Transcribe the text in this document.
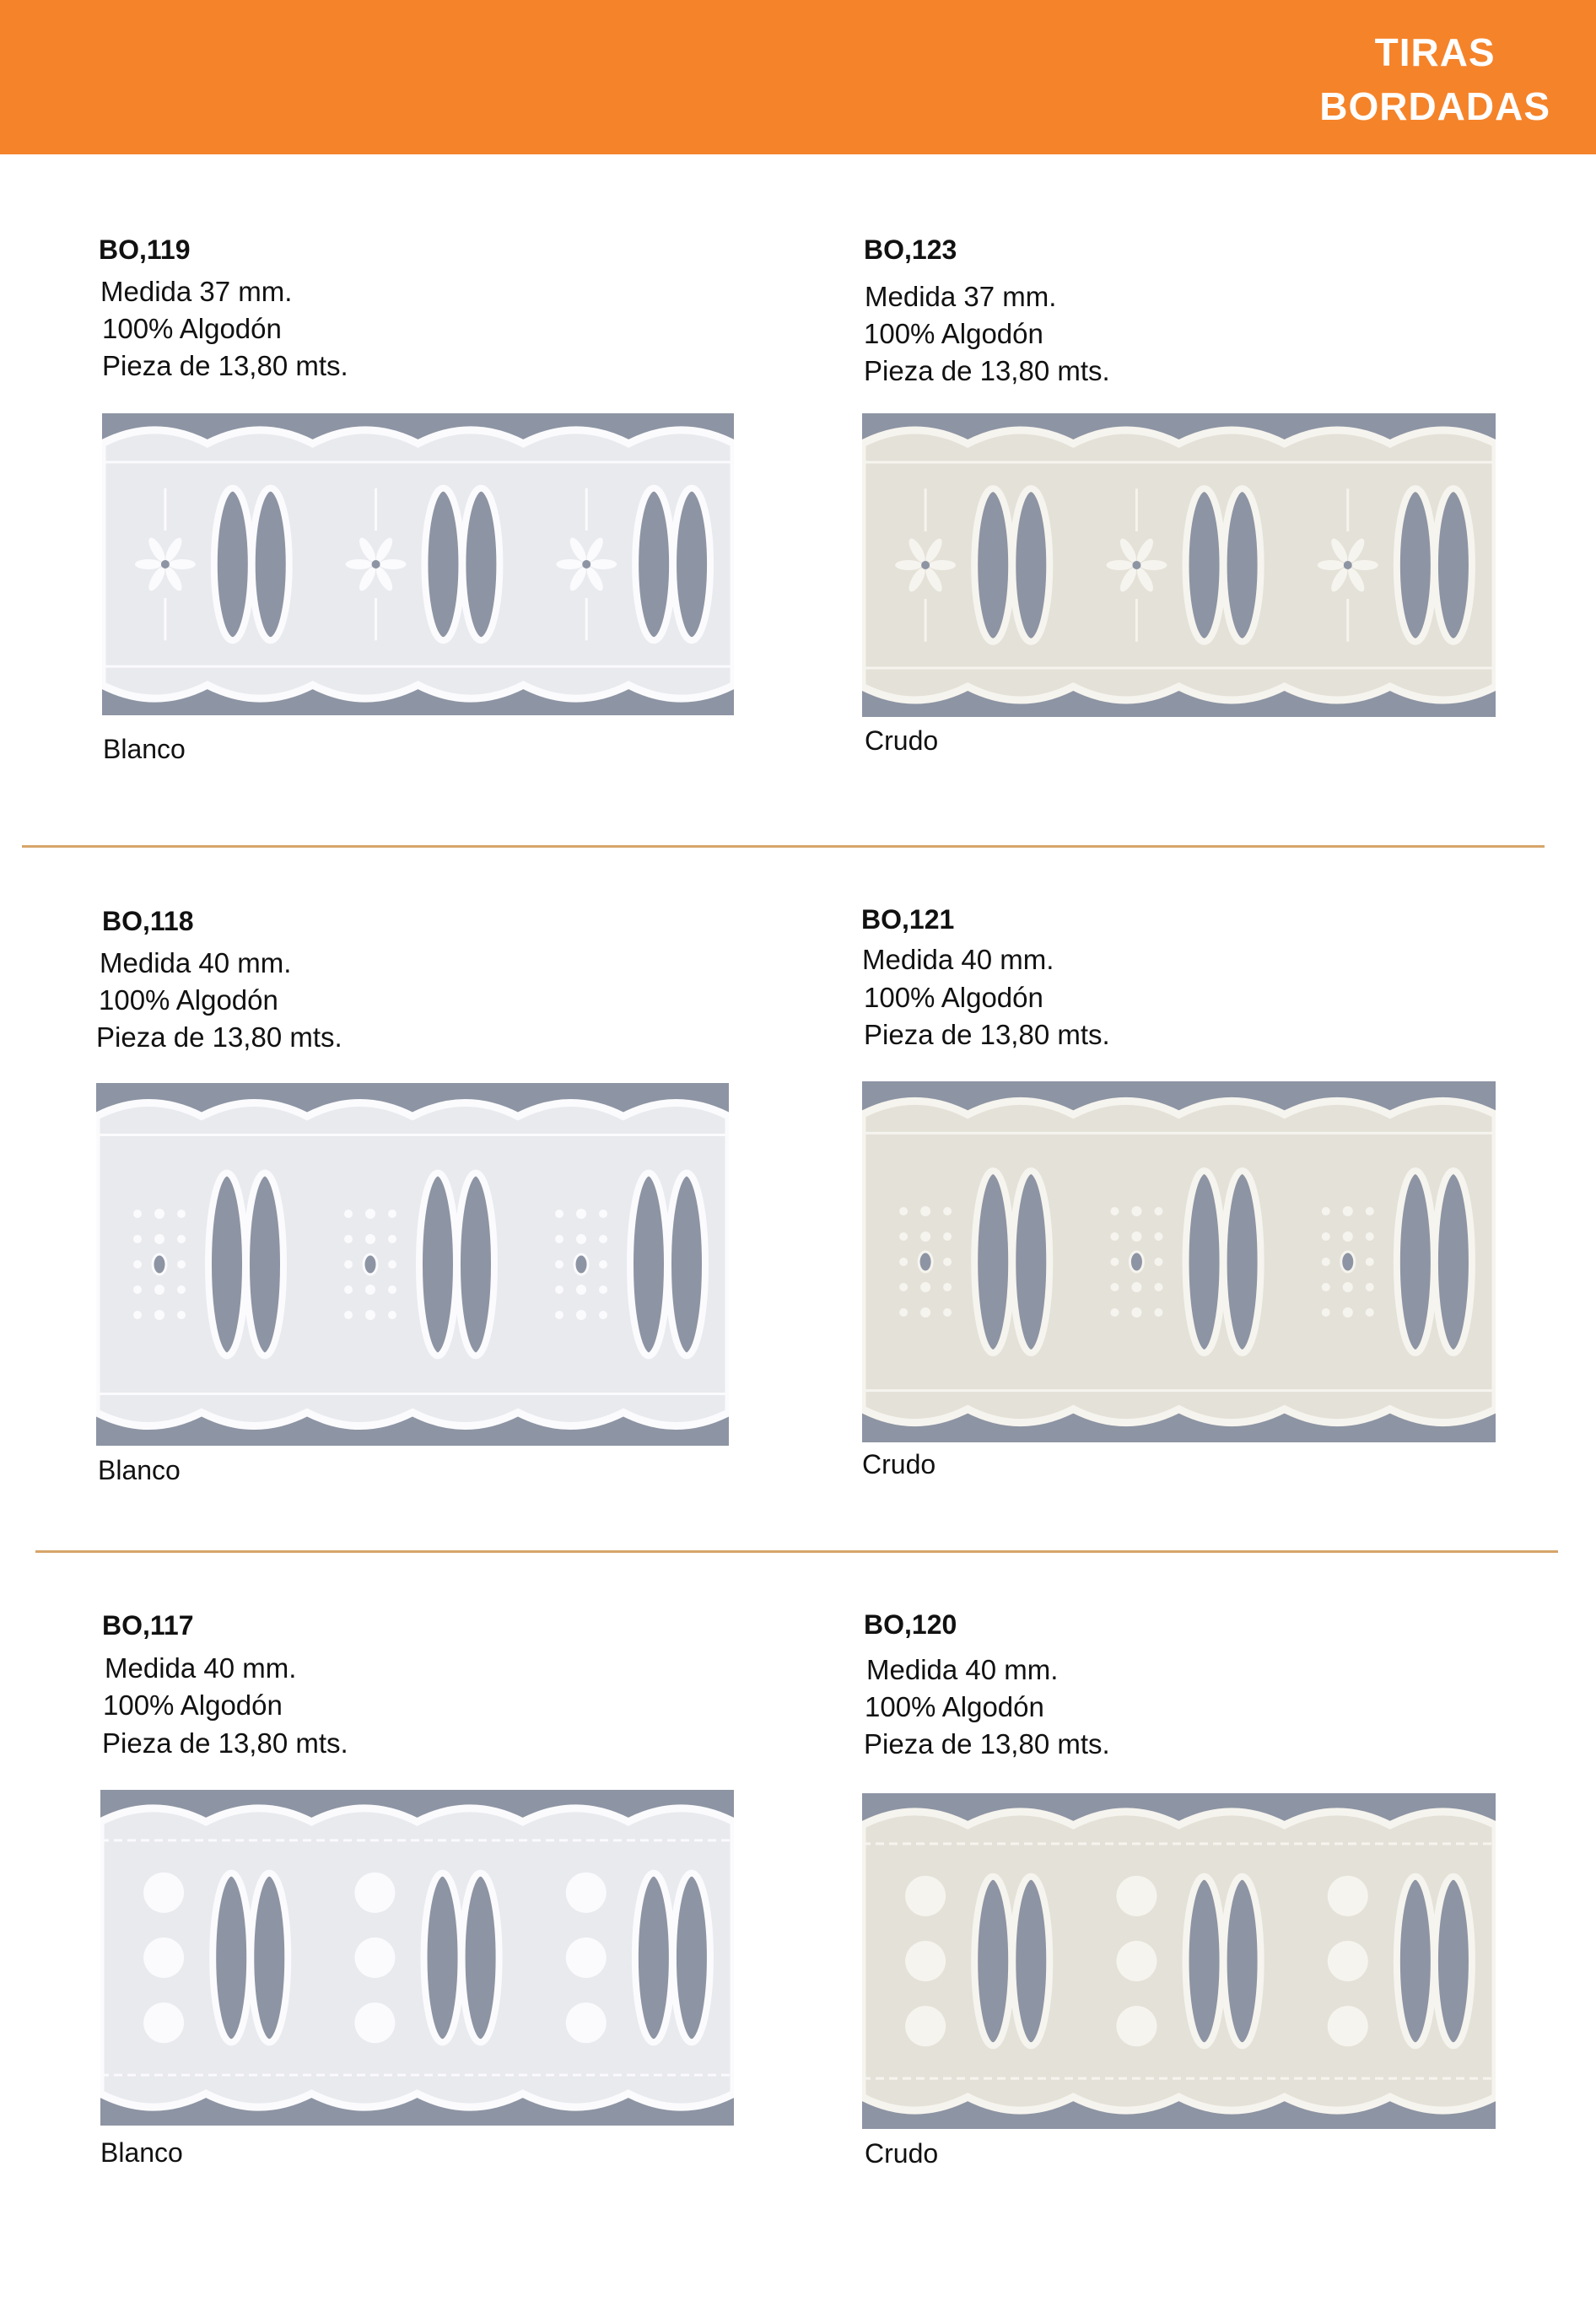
TIRAS
BORDADAS
BO,119
Medida 37 mm.
100% Algodón
Pieza de 13,80 mts.
Blanco
BO,123
Medida 37 mm.
100% Algodón
Pieza de 13,80 mts.
Crudo
BO,118
Medida 40 mm.
100% Algodón
Pieza de 13,80 mts.
Blanco
BO,121
Medida 40 mm.
100% Algodón
Pieza de 13,80 mts.
Crudo
BO,117
Medida 40 mm.
100% Algodón
Pieza de 13,80 mts.
Blanco
BO,120
Medida 40 mm.
100% Algodón
Pieza de 13,80 mts.
Crudo
